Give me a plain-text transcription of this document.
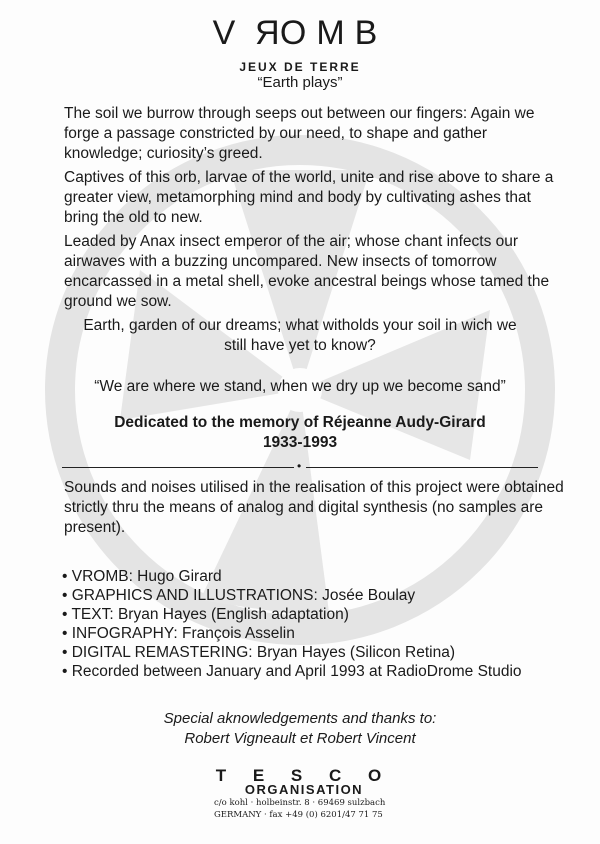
VROMB
JEUX DE TERRE
“Earth plays”
The soil we burrow through seeps out between our fingers: Again we forge a passage constricted by our need, to shape and gather knowledge; curiosity’s greed.
Captives of this orb, larvae of the world, unite and rise above to share a greater view, metamorphing mind and body by cultivating ashes that bring the old to new.
Leaded by Anax insect emperor of the air; whose chant infects our airwaves with a buzzing uncompared. New insects of tomorrow encarcassed in a metal shell, evoke ancestral beings whose tamed the ground we sow.
Earth, garden of our dreams; what witholds your soil in wich we still have yet to know?
“We are where we stand, when we dry up we become sand”
Dedicated to the memory of Réjeanne Audy-Girard
1933-1993
•
Sounds and noises utilised in the realisation of this project were obtained strictly thru the means of analog and digital synthesis (no samples are present).
• VROMB: Hugo Girard
• GRAPHICS AND ILLUSTRATIONS: Josée Boulay
• TEXT: Bryan Hayes (English adaptation)
• INFOGRAPHY: François Asselin
• DIGITAL REMASTERING: Bryan Hayes (Silicon Retina)
• Recorded between January and April 1993 at RadioDrome Studio
Special aknowledgements and thanks to:
Robert Vigneault et Robert Vincent
T E S C O
ORGANISATION
c/o kohl · holbeinstr. 8 · 69469 sulzbach
GERMANY · fax +49 (0) 6201/47 71 75
